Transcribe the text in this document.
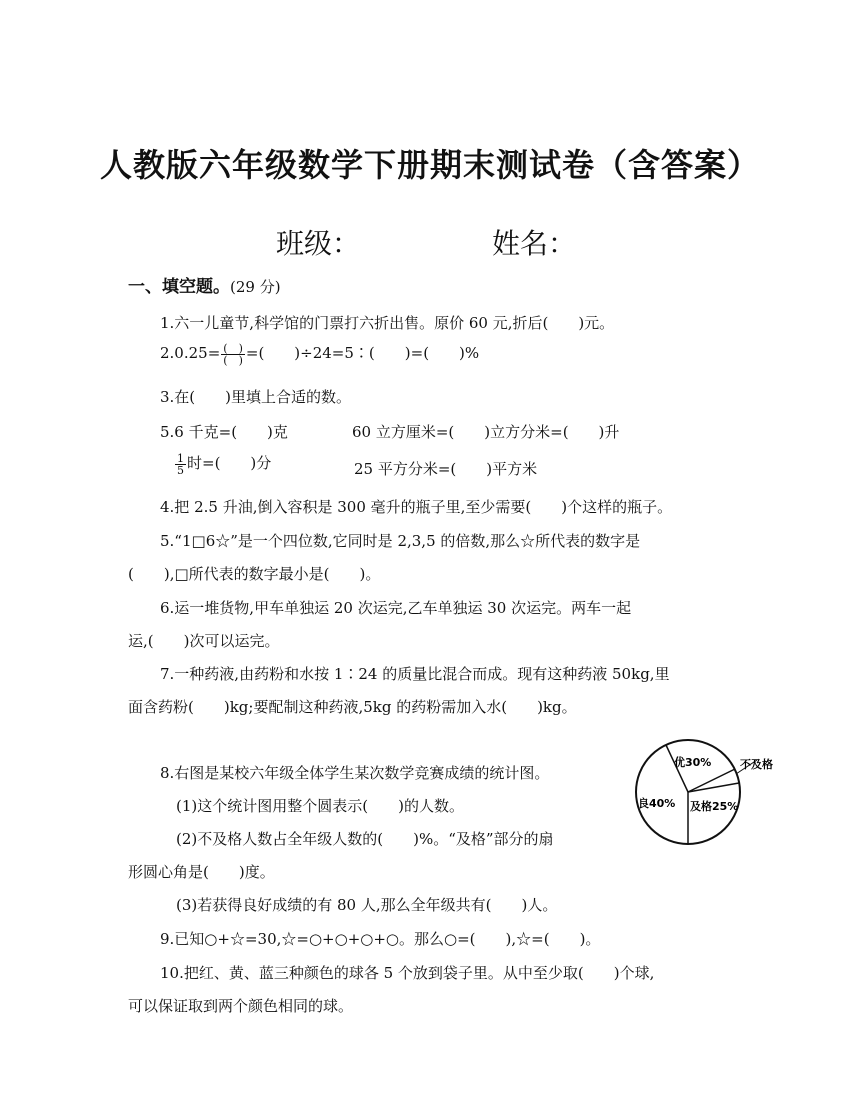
人教版六年级数学下册期末测试卷（含答案）
班级：	姓名：
一、填空题。(29 分)
1.六一儿童节,科学馆的门票打六折出售。原价 60 元,折后(　　)元。
$2.0.25= \frac{( )}{( )}$ =(　　)÷24=5∶(　　)=(　　)%
3.在(　　)里填上合适的数。
5.6 千克=(　　)克	60 立方厘米=(　　)立方分米=(　　)升
$\frac{1}{5}$ 时=(　　)分	25 平方分米=(　　)平方米
4.把 2.5 升油,倒入容积是 300 毫升的瓶子里,至少需要(　　)个这样的瓶子。
5.“1□6☆”是一个四位数,它同时是 2,3,5 的倍数,那么☆所代表的数字是
(　　),□所代表的数字最小是(　　)。
6.运一堆货物,甲车单独运 20 次运完,乙车单独运 30 次运完。两车一起
运,(　　)次可以运完。
7.一种药液,由药粉和水按 1∶24 的质量比混合而成。现有这种药液 50kg,里
面含药粉(　　)kg;要配制这种药液,5kg 的药粉需加入水(　　)kg。
8.右图是某校六年级全体学生某次数学竞赛成绩的统计图。
(1)这个统计图用整个圆表示(　　)的人数。
(2)不及格人数占全年级人数的(　　)%。“及格”部分的扇
形圆心角是(　　)度。
(3)若获得良好成绩的有 80 人,那么全年级共有(　　)人。
优30%	不及格
良40% 及格25%
9.已知○+☆=30,☆=○+○+○+○。那么○=(　　),☆=(　　)。
10.把红、黄、蓝三种颜色的球各 5 个放到袋子里。从中至少取(　　)个球,
可以保证取到两个颜色相同的球。
